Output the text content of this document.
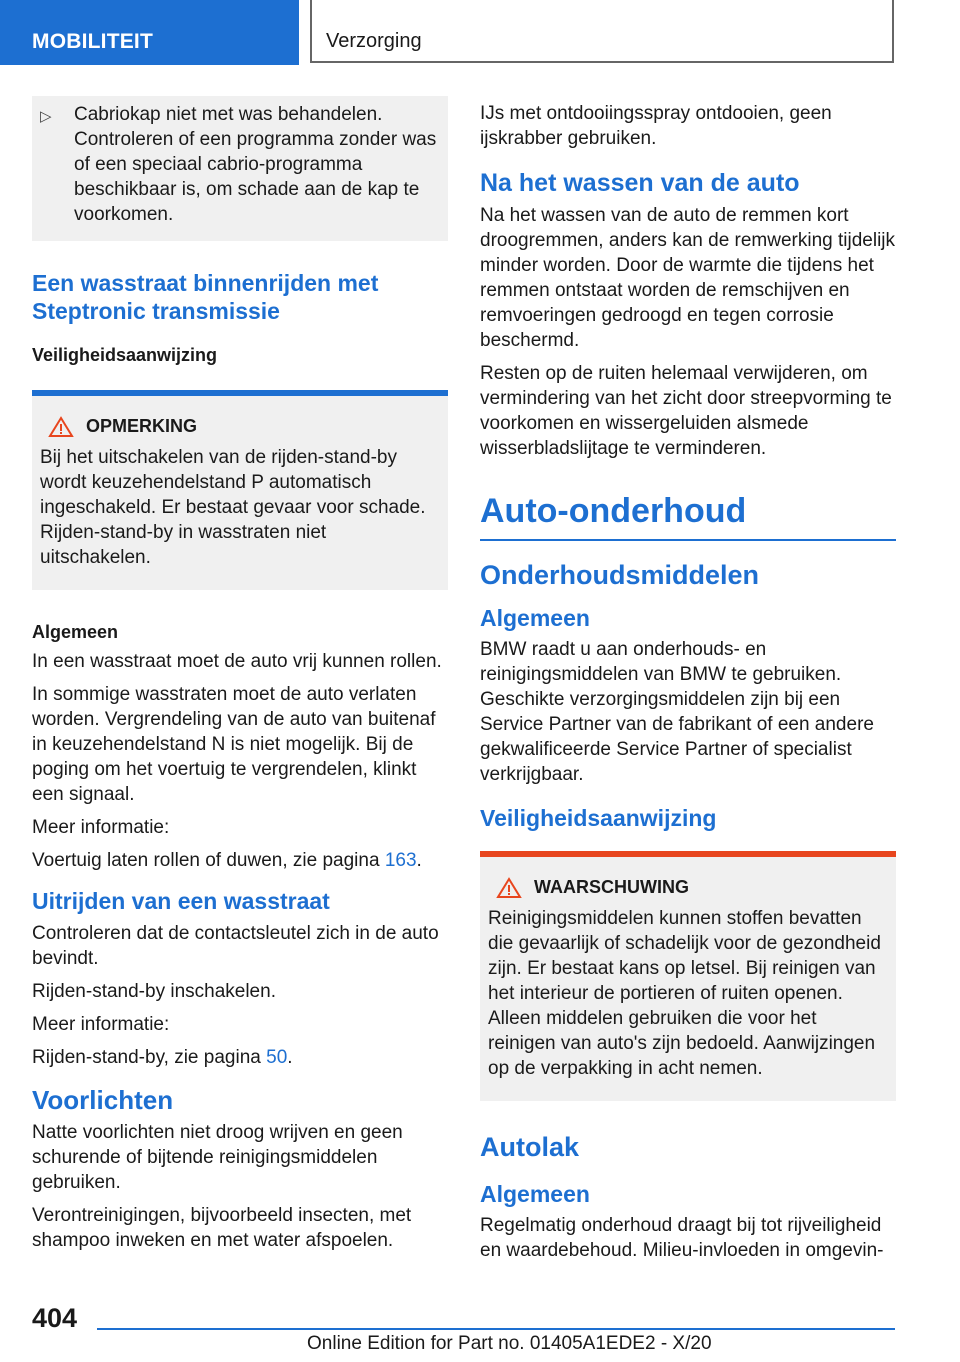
MOBILITEIT	Verzorging
▷	Cabriokap niet met was behandelen. Controleren of een programma zonder was of een speciaal cabrio-programma beschikbaar is, om schade aan de kap te voorkomen.
Een wasstraat binnenrijden met Steptronic transmissie
Veiligheidsaanwijzing
OPMERKING
Bij het uitschakelen van de rijden-stand-by wordt keuzehendelstand P automatisch ingeschakeld. Er bestaat gevaar voor schade. Rijden-stand-by in wasstraten niet uitschakelen.
Algemeen

In een wasstraat moet de auto vrij kunnen rollen.

In sommige wasstraten moet de auto verlaten worden. Vergrendeling van de auto van buitenaf in keuzehendelstand N is niet mogelijk. Bij de poging om het voertuig te vergrendelen, klinkt een signaal.

Meer informatie:

Voertuig laten rollen of duwen, zie pagina 163.

Uitrijden van een wasstraat

Controleren dat de contactsleutel zich in de auto bevindt.

Rijden-stand-by inschakelen.

Meer informatie:

Rijden-stand-by, zie pagina 50.

Voorlichten

Natte voorlichten niet droog wrijven en geen schurende of bijtende reinigingsmiddelen gebruiken.

Verontreinigingen, bijvoorbeeld insecten, met shampoo inweken en met water afspoelen.

IJs met ontdooiingsspray ontdooien, geen ijskrabber gebruiken.

Na het wassen van de auto

Na het wassen van de auto de remmen kort droogremmen, anders kan de remwerking tijdelijk minder worden. Door de warmte die tijdens het remmen ontstaat worden de remschijven en remvoeringen gedroogd en tegen corrosie beschermd.

Resten op de ruiten helemaal verwijderen, om vermindering van het zicht door streepvorming te voorkomen en wissergeluiden alsmede wisserbladslijtage te verminderen.

Auto-onderhoud
Onderhoudsmiddelen
Algemeen

BMW raadt u aan onderhouds- en reinigingsmiddelen van BMW te gebruiken. Geschikte verzorgingsmiddelen zijn bij een Service Partner van de fabrikant of een andere gekwalificeerde Service Partner of specialist verkrijgbaar.

Veiligheidsaanwijzing
WAARSCHUWING
Reinigingsmiddelen kunnen stoffen bevatten die gevaarlijk of schadelijk voor de gezondheid zijn. Er bestaat kans op letsel. Bij reinigen van het interieur de portieren of ruiten openen. Alleen middelen gebruiken die voor het reinigen van auto's zijn bedoeld. Aanwijzingen op de verpakking in acht nemen.
Autolak
Algemeen

Regelmatig onderhoud draagt bij tot rijveiligheid en waardebehoud. Milieu-invloeden in omgevin-

404
Online Edition for Part no. 01405A1EDE2 - X/20
